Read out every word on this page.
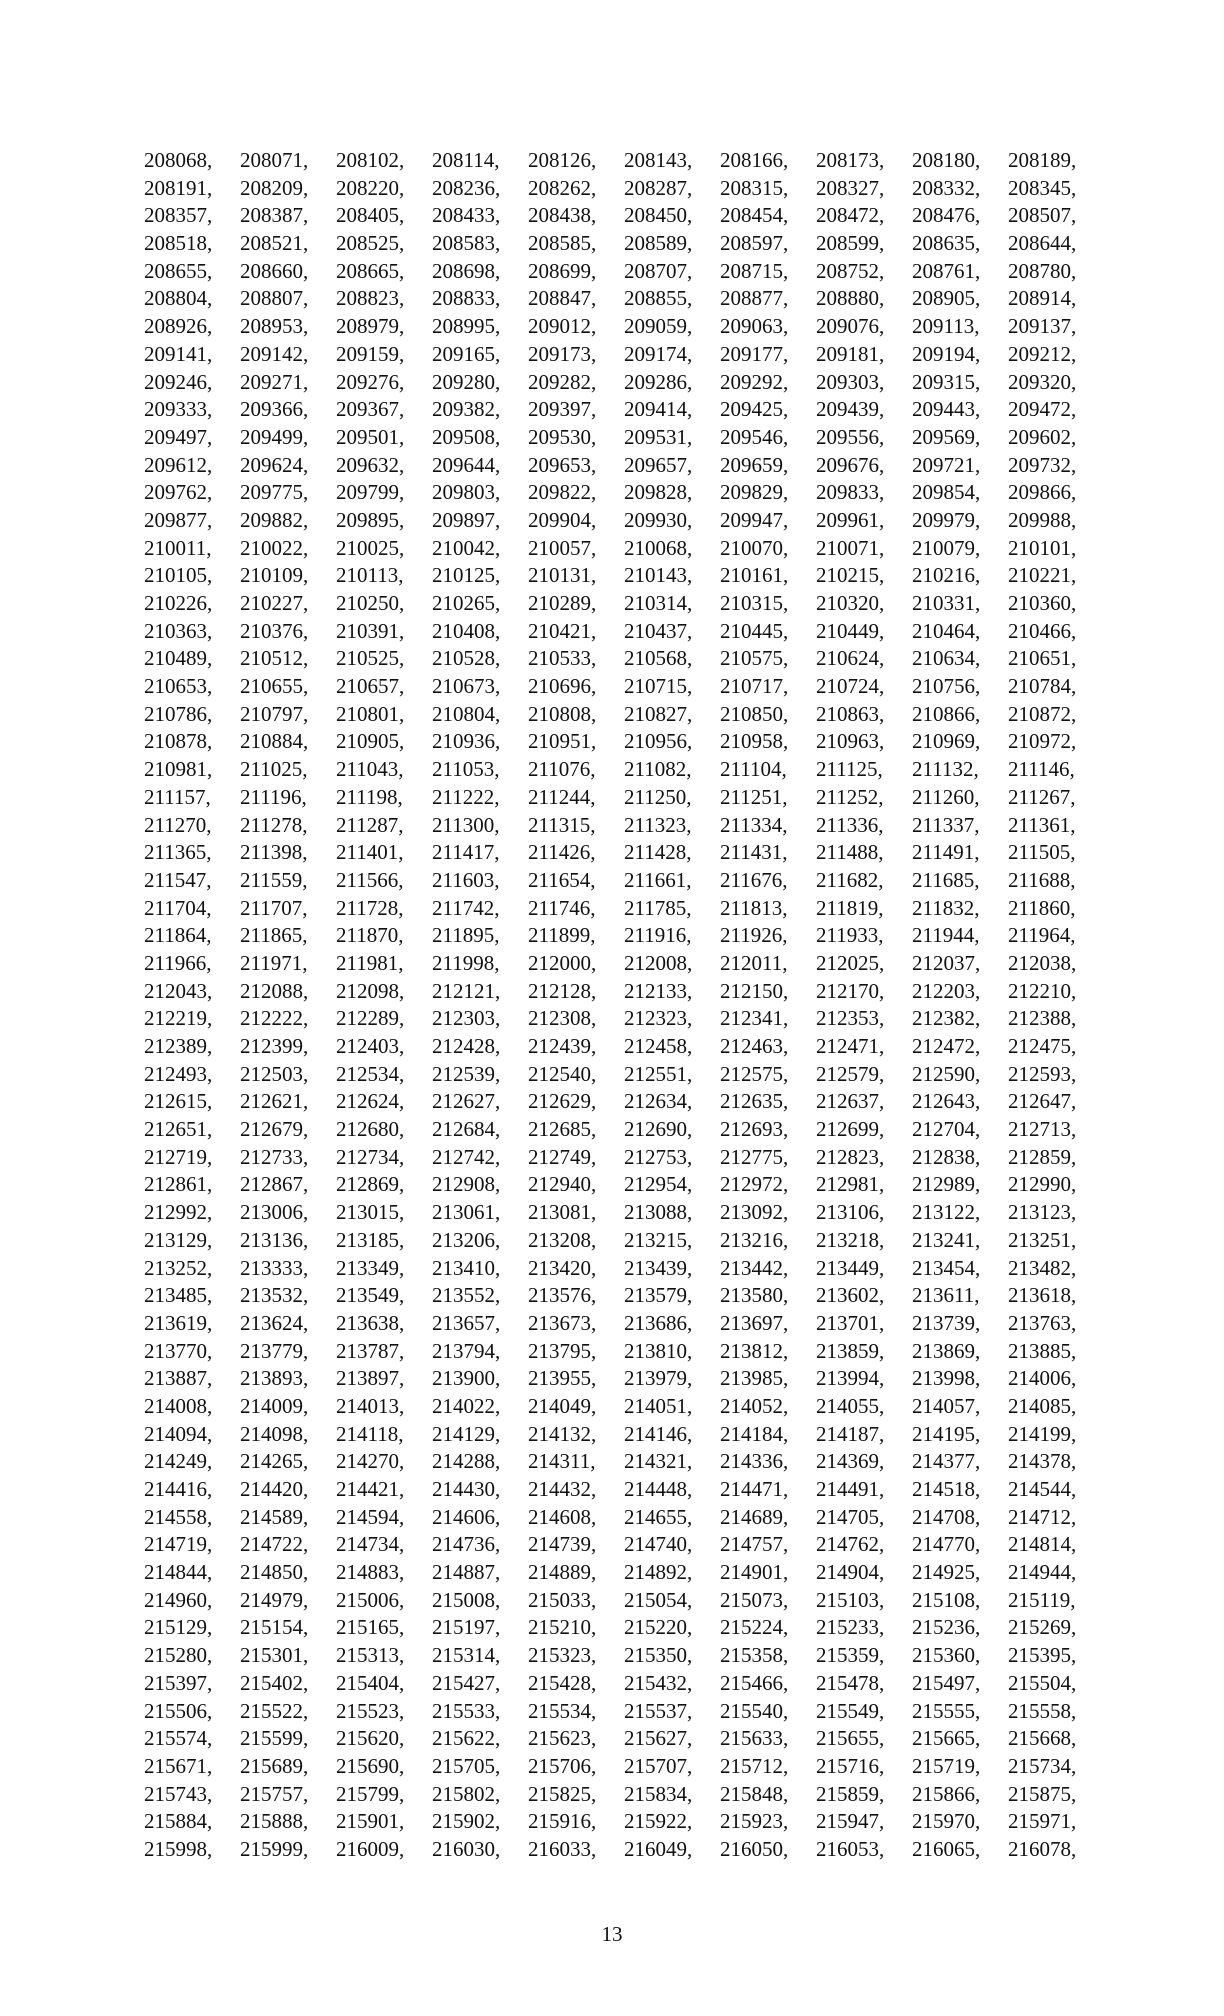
208068,	208071,	208102,	208114,	208126,	208143,	208166,	208173,	208180,	208189,
208191,	208209,	208220,	208236,	208262,	208287,	208315,	208327,	208332,	208345,
208357,	208387,	208405,	208433,	208438,	208450,	208454,	208472,	208476,	208507,
208518,	208521,	208525,	208583,	208585,	208589,	208597,	208599,	208635,	208644,
208655,	208660,	208665,	208698,	208699,	208707,	208715,	208752,	208761,	208780,
208804,	208807,	208823,	208833,	208847,	208855,	208877,	208880,	208905,	208914,
208926,	208953,	208979,	208995,	209012,	209059,	209063,	209076,	209113,	209137,
209141,	209142,	209159,	209165,	209173,	209174,	209177,	209181,	209194,	209212,
209246,	209271,	209276,	209280,	209282,	209286,	209292,	209303,	209315,	209320,
209333,	209366,	209367,	209382,	209397,	209414,	209425,	209439,	209443,	209472,
209497,	209499,	209501,	209508,	209530,	209531,	209546,	209556,	209569,	209602,
209612,	209624,	209632,	209644,	209653,	209657,	209659,	209676,	209721,	209732,
209762,	209775,	209799,	209803,	209822,	209828,	209829,	209833,	209854,	209866,
209877,	209882,	209895,	209897,	209904,	209930,	209947,	209961,	209979,	209988,
210011,	210022,	210025,	210042,	210057,	210068,	210070,	210071,	210079,	210101,
210105,	210109,	210113,	210125,	210131,	210143,	210161,	210215,	210216,	210221,
210226,	210227,	210250,	210265,	210289,	210314,	210315,	210320,	210331,	210360,
210363,	210376,	210391,	210408,	210421,	210437,	210445,	210449,	210464,	210466,
210489,	210512,	210525,	210528,	210533,	210568,	210575,	210624,	210634,	210651,
210653,	210655,	210657,	210673,	210696,	210715,	210717,	210724,	210756,	210784,
210786,	210797,	210801,	210804,	210808,	210827,	210850,	210863,	210866,	210872,
210878,	210884,	210905,	210936,	210951,	210956,	210958,	210963,	210969,	210972,
210981,	211025,	211043,	211053,	211076,	211082,	211104,	211125,	211132,	211146,
211157,	211196,	211198,	211222,	211244,	211250,	211251,	211252,	211260,	211267,
211270,	211278,	211287,	211300,	211315,	211323,	211334,	211336,	211337,	211361,
211365,	211398,	211401,	211417,	211426,	211428,	211431,	211488,	211491,	211505,
211547,	211559,	211566,	211603,	211654,	211661,	211676,	211682,	211685,	211688,
211704,	211707,	211728,	211742,	211746,	211785,	211813,	211819,	211832,	211860,
211864,	211865,	211870,	211895,	211899,	211916,	211926,	211933,	211944,	211964,
211966,	211971,	211981,	211998,	212000,	212008,	212011,	212025,	212037,	212038,
212043,	212088,	212098,	212121,	212128,	212133,	212150,	212170,	212203,	212210,
212219,	212222,	212289,	212303,	212308,	212323,	212341,	212353,	212382,	212388,
212389,	212399,	212403,	212428,	212439,	212458,	212463,	212471,	212472,	212475,
212493,	212503,	212534,	212539,	212540,	212551,	212575,	212579,	212590,	212593,
212615,	212621,	212624,	212627,	212629,	212634,	212635,	212637,	212643,	212647,
212651,	212679,	212680,	212684,	212685,	212690,	212693,	212699,	212704,	212713,
212719,	212733,	212734,	212742,	212749,	212753,	212775,	212823,	212838,	212859,
212861,	212867,	212869,	212908,	212940,	212954,	212972,	212981,	212989,	212990,
212992,	213006,	213015,	213061,	213081,	213088,	213092,	213106,	213122,	213123,
213129,	213136,	213185,	213206,	213208,	213215,	213216,	213218,	213241,	213251,
213252,	213333,	213349,	213410,	213420,	213439,	213442,	213449,	213454,	213482,
213485,	213532,	213549,	213552,	213576,	213579,	213580,	213602,	213611,	213618,
213619,	213624,	213638,	213657,	213673,	213686,	213697,	213701,	213739,	213763,
213770,	213779,	213787,	213794,	213795,	213810,	213812,	213859,	213869,	213885,
213887,	213893,	213897,	213900,	213955,	213979,	213985,	213994,	213998,	214006,
214008,	214009,	214013,	214022,	214049,	214051,	214052,	214055,	214057,	214085,
214094,	214098,	214118,	214129,	214132,	214146,	214184,	214187,	214195,	214199,
214249,	214265,	214270,	214288,	214311,	214321,	214336,	214369,	214377,	214378,
214416,	214420,	214421,	214430,	214432,	214448,	214471,	214491,	214518,	214544,
214558,	214589,	214594,	214606,	214608,	214655,	214689,	214705,	214708,	214712,
214719,	214722,	214734,	214736,	214739,	214740,	214757,	214762,	214770,	214814,
214844,	214850,	214883,	214887,	214889,	214892,	214901,	214904,	214925,	214944,
214960,	214979,	215006,	215008,	215033,	215054,	215073,	215103,	215108,	215119,
215129,	215154,	215165,	215197,	215210,	215220,	215224,	215233,	215236,	215269,
215280,	215301,	215313,	215314,	215323,	215350,	215358,	215359,	215360,	215395,
215397,	215402,	215404,	215427,	215428,	215432,	215466,	215478,	215497,	215504,
215506,	215522,	215523,	215533,	215534,	215537,	215540,	215549,	215555,	215558,
215574,	215599,	215620,	215622,	215623,	215627,	215633,	215655,	215665,	215668,
215671,	215689,	215690,	215705,	215706,	215707,	215712,	215716,	215719,	215734,
215743,	215757,	215799,	215802,	215825,	215834,	215848,	215859,	215866,	215875,
215884,	215888,	215901,	215902,	215916,	215922,	215923,	215947,	215970,	215971,
215998,	215999,	216009,	216030,	216033,	216049,	216050,	216053,	216065,	216078,
13
